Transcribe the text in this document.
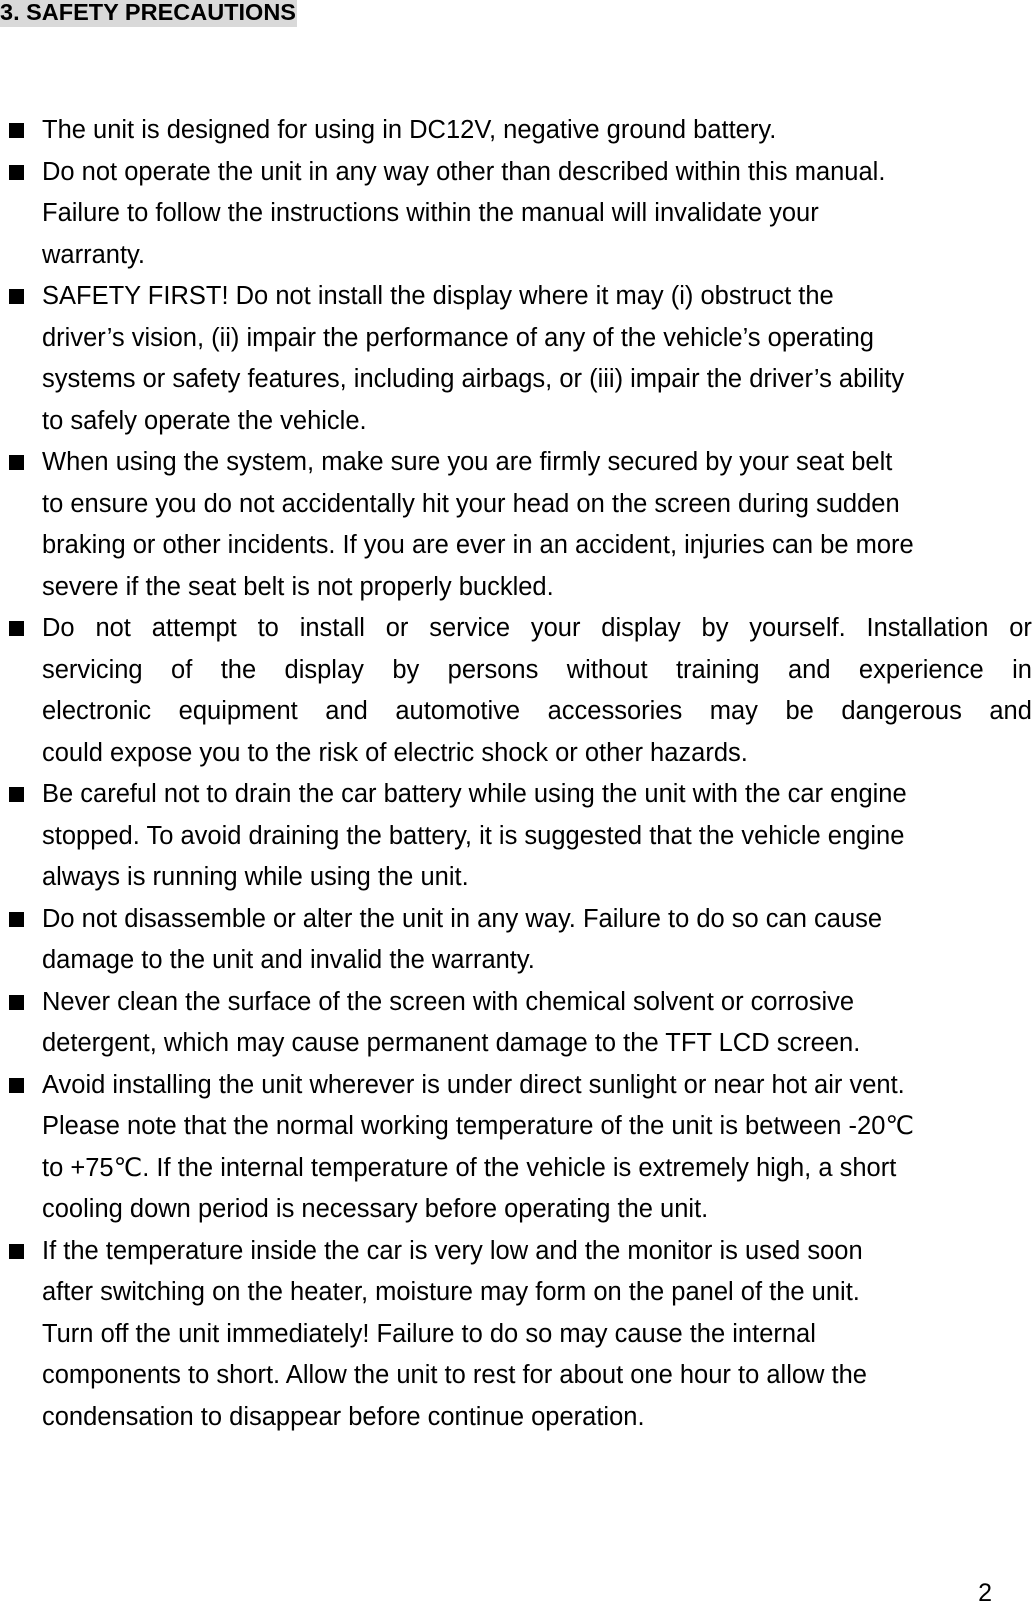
3. SAFETY PRECAUTIONS
The unit is designed for using in DC12V, negative ground battery.
Do not operate the unit in any way other than described within this manual.
Failure to follow the instructions within the manual will invalidate your
warranty.
SAFETY FIRST! Do not install the display where it may (i) obstruct the
driver’s vision, (ii) impair the performance of any of the vehicle’s operating
systems or safety features, including airbags, or (iii) impair the driver’s ability
to safely operate the vehicle.
When using the system, make sure you are firmly secured by your seat belt
to ensure you do not accidentally hit your head on the screen during sudden
braking or other incidents. If you are ever in an accident, injuries can be more
severe if the seat belt is not properly buckled.
Do not attempt to install or service your display by yourself. Installation or
servicing of the display by persons without training and experience in
electronic equipment and automotive accessories may be dangerous and
could expose you to the risk of electric shock or other hazards.
Be careful not to drain the car battery while using the unit with the car engine
stopped. To avoid draining the battery, it is suggested that the vehicle engine
always is running while using the unit.
Do not disassemble or alter the unit in any way. Failure to do so can cause
damage to the unit and invalid the warranty.
Never clean the surface of the screen with chemical solvent or corrosive
detergent, which may cause permanent damage to the TFT LCD screen.
Avoid installing the unit wherever is under direct sunlight or near hot air vent.
Please note that the normal working temperature of the unit is between -20℃
to +75℃. If the internal temperature of the vehicle is extremely high, a short
cooling down period is necessary before operating the unit.
If the temperature inside the car is very low and the monitor is used soon
after switching on the heater, moisture may form on the panel of the unit.
Turn off the unit immediately! Failure to do so may cause the internal
components to short. Allow the unit to rest for about one hour to allow the
condensation to disappear before continue operation.
2
